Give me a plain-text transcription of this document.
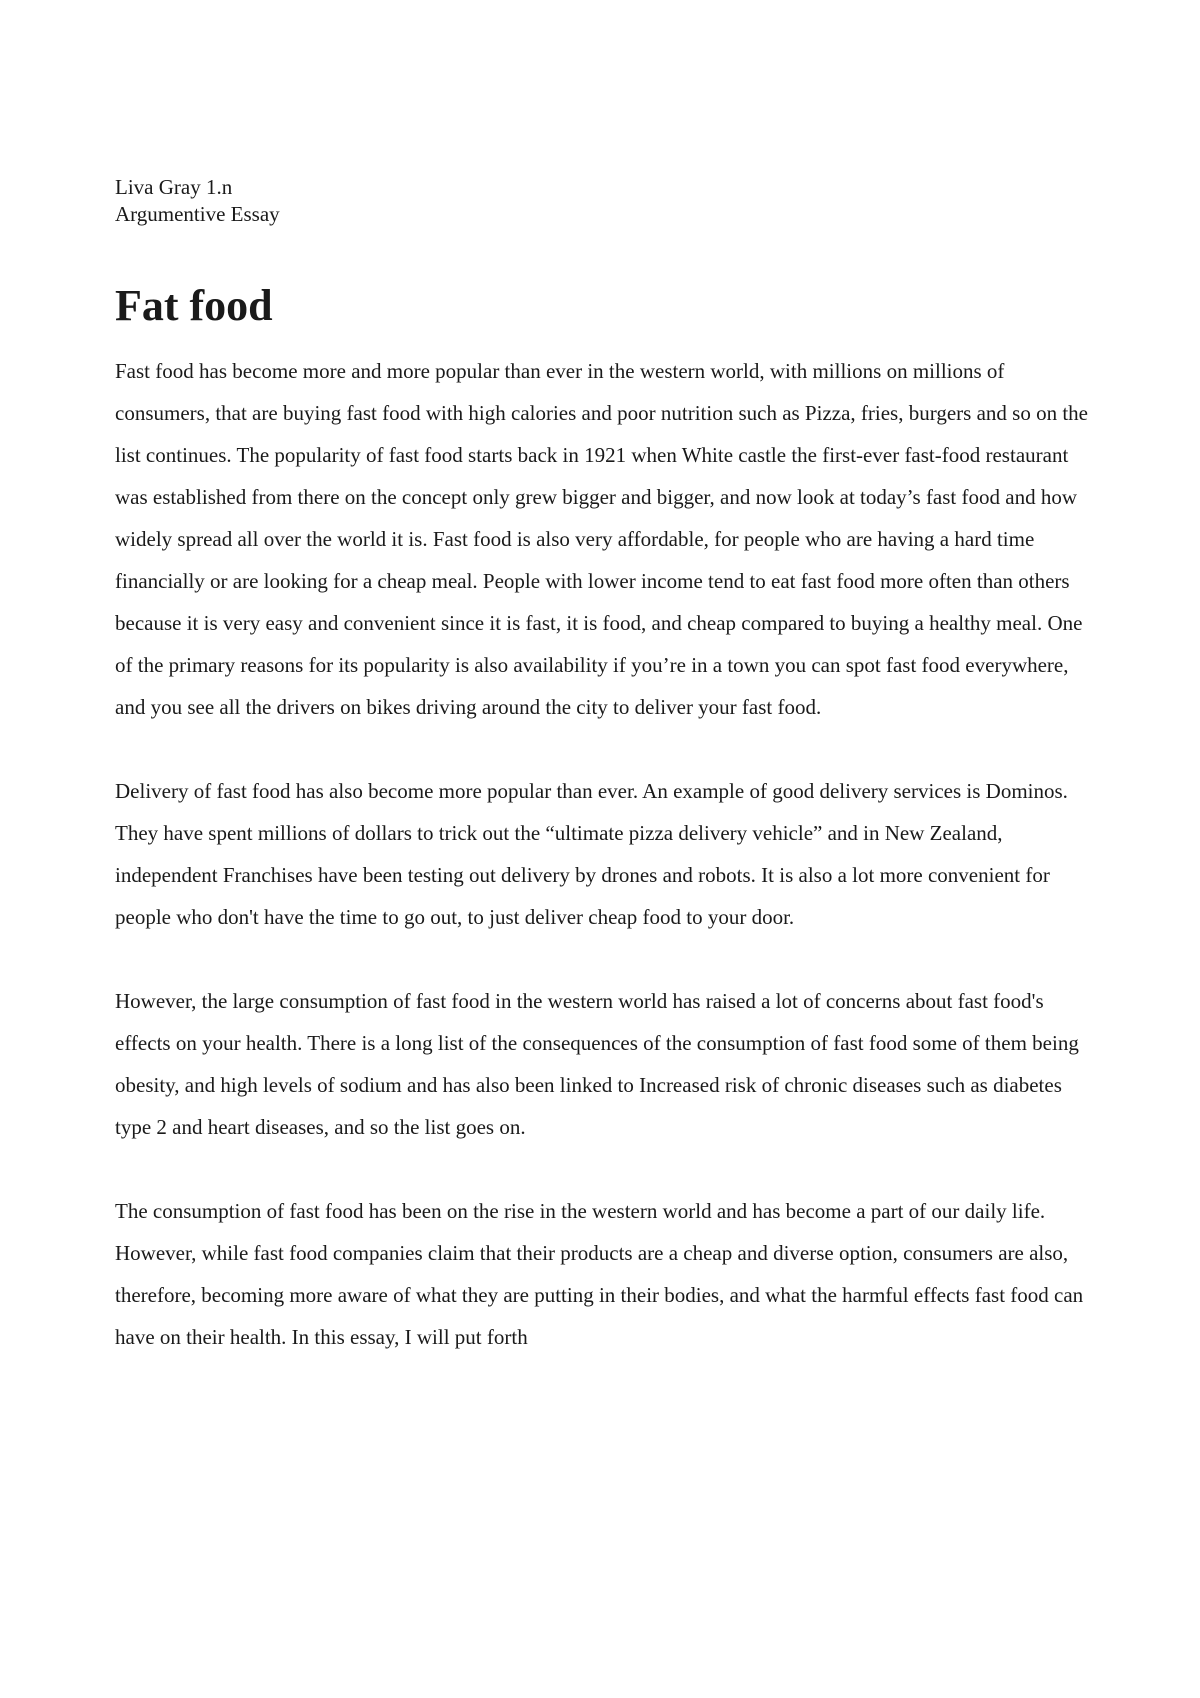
Liva Gray 1.n
Argumentive Essay
Fat food

Fast food has become more and more popular than ever in the western world, with millions on millions of consumers, that are buying fast food with high calories and poor nutrition such as Pizza, fries, burgers and so on the list continues. The popularity of fast food starts back in 1921 when White castle the first-ever fast-food restaurant was established from there on the concept only grew bigger and bigger, and now look at today’s fast food and how widely spread all over the world it is. Fast food is also very affordable, for people who are having a hard time financially or are looking for a cheap meal. People with lower income tend to eat fast food more often than others because it is very easy and convenient since it is fast, it is food, and cheap compared to buying a healthy meal. One of the primary reasons for its popularity is also availability if you’re in a town you can spot fast food everywhere, and you see all the drivers on bikes driving around the city to deliver your fast food.

Delivery of fast food has also become more popular than ever. An example of good delivery services is Dominos. They have spent millions of dollars to trick out the “ultimate pizza delivery vehicle” and in New Zealand, independent Franchises have been testing out delivery by drones and robots. It is also a lot more convenient for people who don't have the time to go out, to just deliver cheap food to your door.

However, the large consumption of fast food in the western world has raised a lot of concerns about fast food's effects on your health. There is a long list of the consequences of the consumption of fast food some of them being obesity, and high levels of sodium and has also been linked to Increased risk of chronic diseases such as diabetes type 2 and heart diseases, and so the list goes on.

The consumption of fast food has been on the rise in the western world and has become a part of our daily life. However, while fast food companies claim that their products are a cheap and diverse option, consumers are also, therefore, becoming more aware of what they are putting in their bodies, and what the harmful effects fast food can have on their health. In this essay, I will put forth
